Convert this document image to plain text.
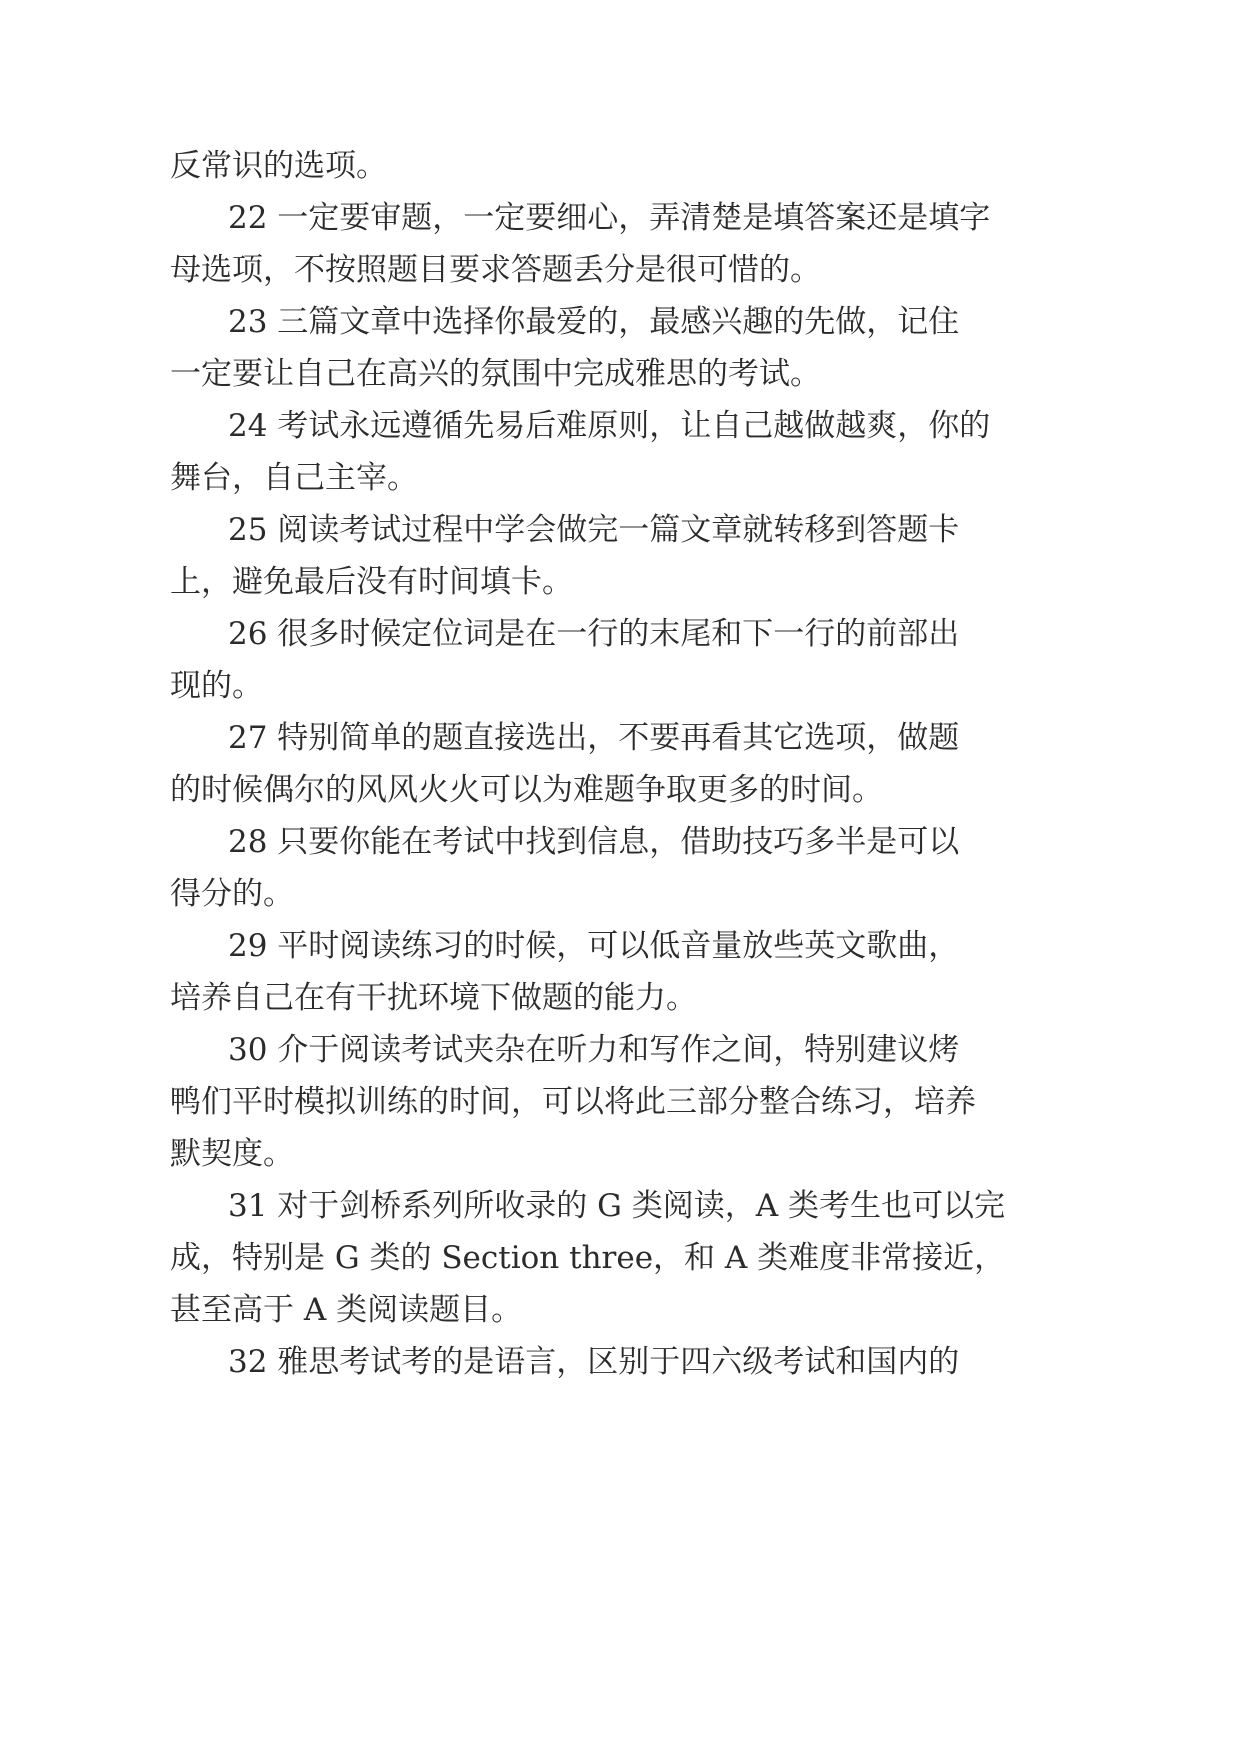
反常识的选项。
22 一定要审题，一定要细心，弄清楚是填答案还是填字
母选项，不按照题目要求答题丢分是很可惜的。
23 三篇文章中选择你最爱的，最感兴趣的先做，记住
一定要让自己在高兴的氛围中完成雅思的考试。
24 考试永远遵循先易后难原则，让自己越做越爽，你的
舞台，自己主宰。
25 阅读考试过程中学会做完一篇文章就转移到答题卡
上，避免最后没有时间填卡。
26 很多时候定位词是在一行的末尾和下一行的前部出
现的。
27 特别简单的题直接选出，不要再看其它选项，做题
的时候偶尔的风风火火可以为难题争取更多的时间。
28 只要你能在考试中找到信息，借助技巧多半是可以
得分的。
29 平时阅读练习的时候，可以低音量放些英文歌曲，
培养自己在有干扰环境下做题的能力。
30 介于阅读考试夹杂在听力和写作之间，特别建议烤
鸭们平时模拟训练的时间，可以将此三部分整合练习，培养
默契度。
31 对于剑桥系列所收录的 G 类阅读，A 类考生也可以完
成，特别是 G 类的 Section three，和 A 类难度非常接近，
甚至高于 A 类阅读题目。
32 雅思考试考的是语言，区别于四六级考试和国内的
